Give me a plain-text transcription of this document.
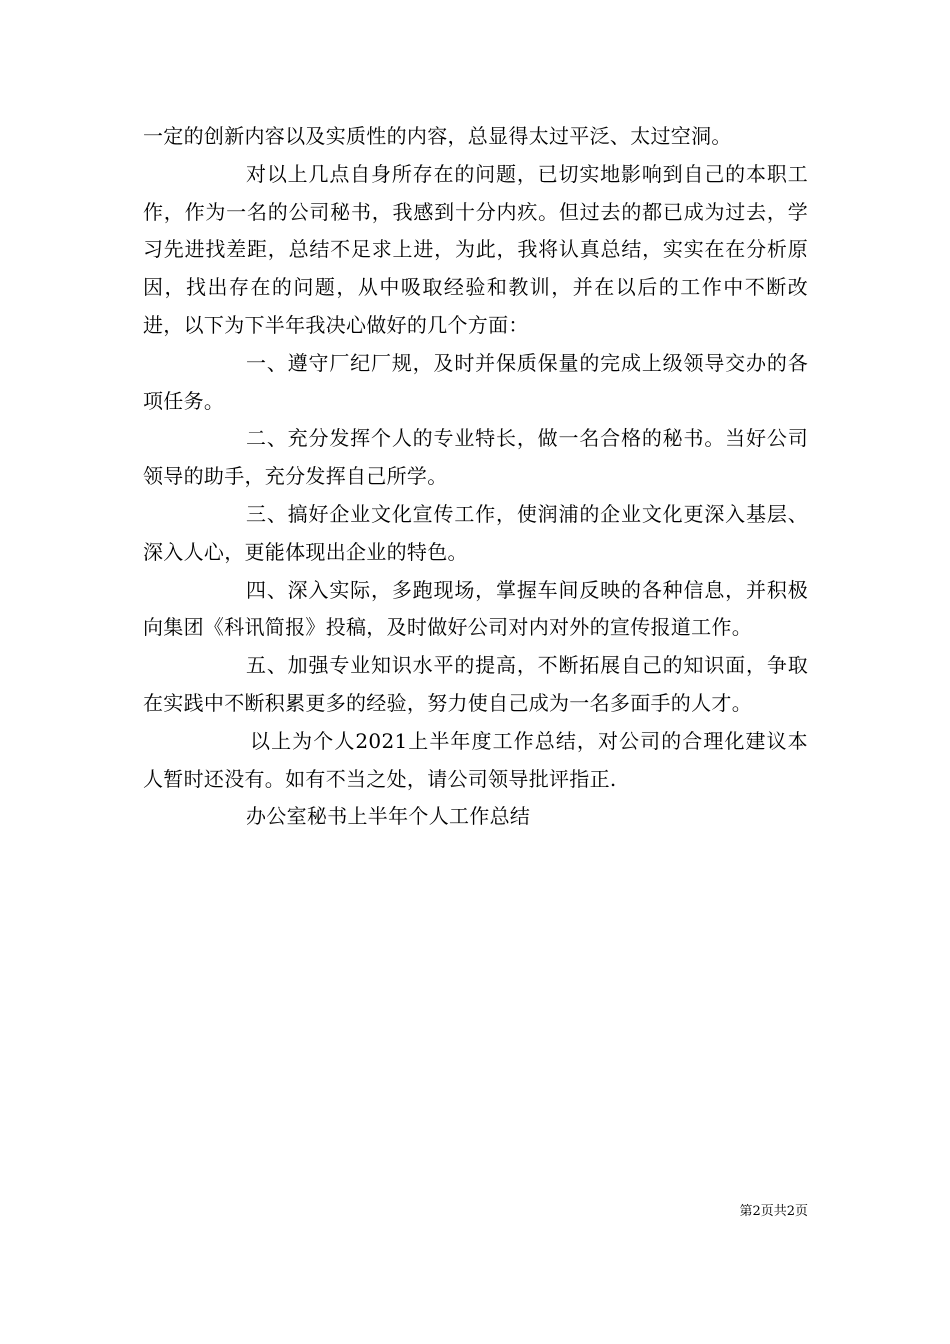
一定的创新内容以及实质性的内容，总显得太过平泛、太过空洞。

对以上几点自身所存在的问题，已切实地影响到自己的本职工作，作为一名的公司秘书，我感到十分内疚。但过去的都已成为过去，学习先进找差距，总结不足求上进，为此，我将认真总结，实实在在分析原因，找出存在的问题，从中吸取经验和教训，并在以后的工作中不断改进，以下为下半年我决心做好的几个方面：

一、遵守厂纪厂规，及时并保质保量的完成上级领导交办的各项任务。

二、充分发挥个人的专业特长，做一名合格的秘书。当好公司领导的助手，充分发挥自己所学。

三、搞好企业文化宣传工作，使润浦的企业文化更深入基层、深入人心，更能体现出企业的特色。

四、深入实际，多跑现场，掌握车间反映的各种信息，并积极向集团《科讯简报》投稿，及时做好公司对内对外的宣传报道工作。

五、加强专业知识水平的提高，不断拓展自己的知识面，争取在实践中不断积累更多的经验，努力使自己成为一名多面手的人才。

以上为个人2021上半年度工作总结，对公司的合理化建议本人暂时还没有。如有不当之处，请公司领导批评指正.

办公室秘书上半年个人工作总结

第2页共2页
